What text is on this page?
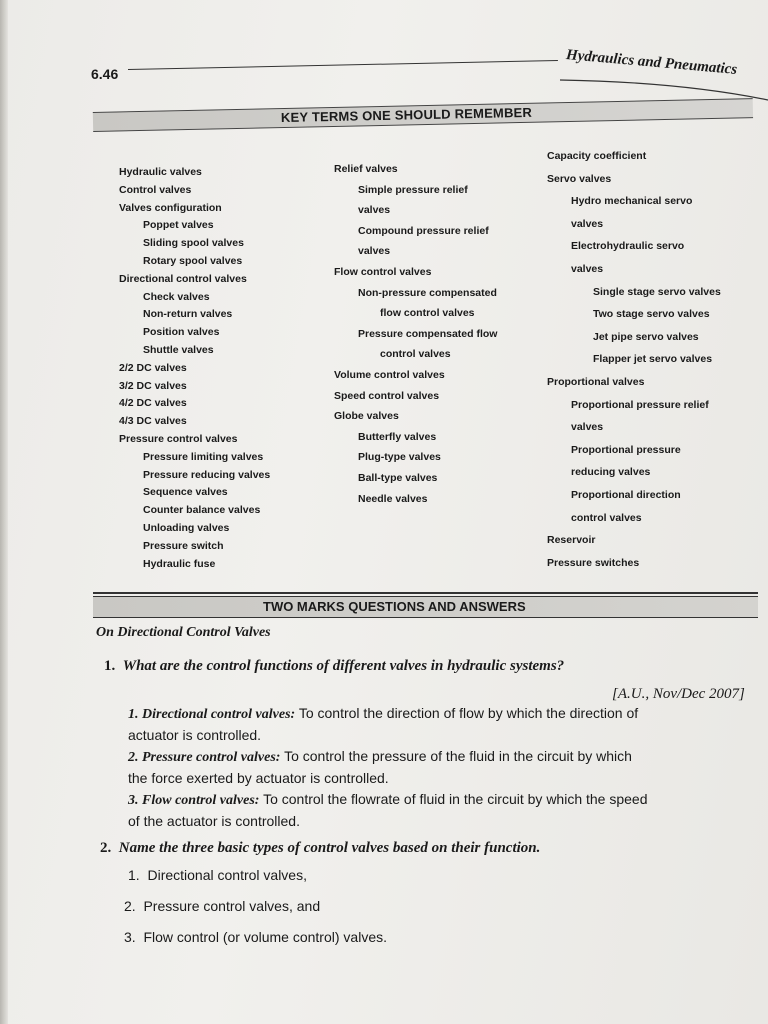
6.46	Hydraulics and Pneumatics
KEY TERMS ONE SHOULD REMEMBER
Hydraulic valves
Control valves
Valves configuration
Poppet valves
Sliding spool valves
Rotary spool valves
Directional control valves
Check valves
Non-return valves
Position valves
Shuttle valves
2/2 DC valves
3/2 DC valves
4/2 DC valves
4/3 DC valves
Pressure control valves
Pressure limiting valves
Pressure reducing valves
Sequence valves
Counter balance valves
Unloading valves
Pressure switch
Hydraulic fuse
Relief valves
Simple pressure relief
valves
Compound pressure relief
valves
Flow control valves
Non-pressure compensated
flow control valves
Pressure compensated flow
control valves
Volume control valves
Speed control valves
Globe valves
Butterfly valves
Plug-type valves
Ball-type valves
Needle valves
Capacity coefficient
Servo valves
Hydro mechanical servo
valves
Electrohydraulic servo
valves
Single stage servo valves
Two stage servo valves
Jet pipe servo valves
Flapper jet servo valves
Proportional valves
Proportional pressure relief
valves
Proportional pressure
reducing valves
Proportional direction
control valves
Reservoir
Pressure switches
TWO MARKS QUESTIONS AND ANSWERS
On Directional Control Valves
1. What are the control functions of different valves in hydraulic systems?
[A.U., Nov/Dec 2007]
1. Directional control valves: To control the direction of flow by which the direction of
actuator is controlled.
2. Pressure control valves: To control the pressure of the fluid in the circuit by which
the force exerted by actuator is controlled.
3. Flow control valves: To control the flowrate of fluid in the circuit by which the speed
of the actuator is controlled.
2. Name the three basic types of control valves based on their function.
1. Directional control valves,
2. Pressure control valves, and
3. Flow control (or volume control) valves.
